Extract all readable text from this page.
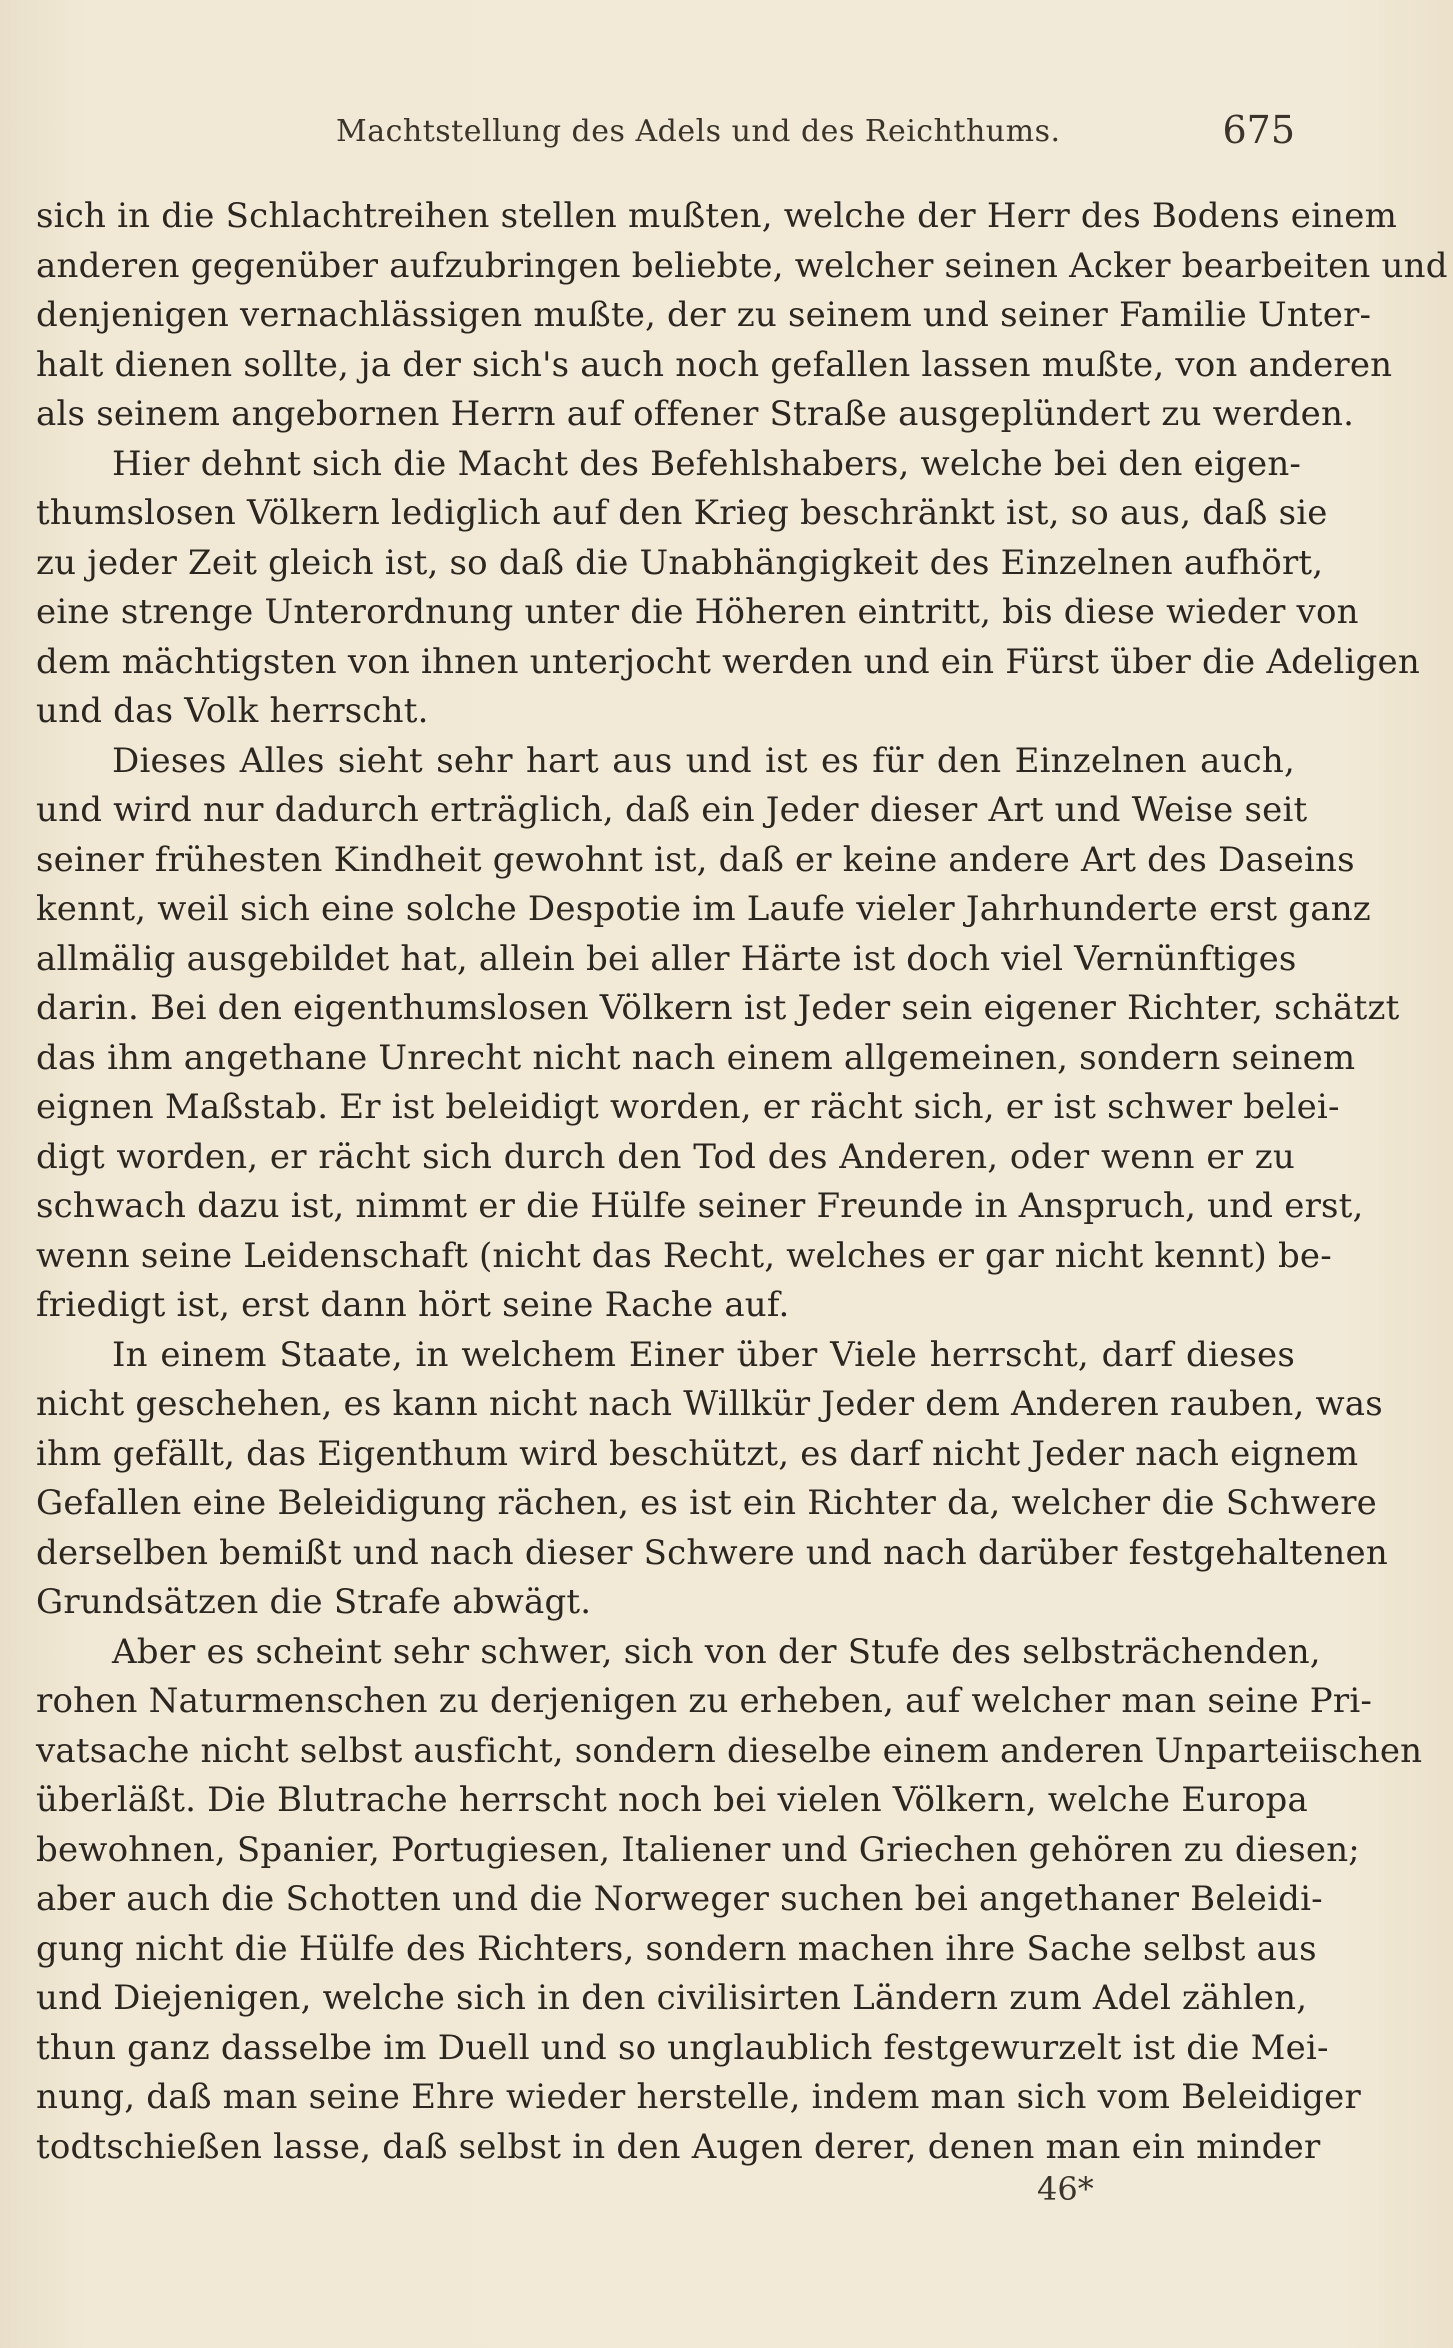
Machtstellung des Adels und des Reichthums.	675
sich in die Schlachtreihen stellen mußten, welche der Herr des Bodens einem
anderen gegenüber aufzubringen beliebte, welcher seinen Acker bearbeiten und
denjenigen vernachlässigen mußte, der zu seinem und seiner Familie Unter-
halt dienen sollte, ja der sich's auch noch gefallen lassen mußte, von anderen
als seinem angebornen Herrn auf offener Straße ausgeplündert zu werden.
Hier dehnt sich die Macht des Befehlshabers, welche bei den eigen-
thumslosen Völkern lediglich auf den Krieg beschränkt ist, so aus, daß sie
zu jeder Zeit gleich ist, so daß die Unabhängigkeit des Einzelnen aufhört,
eine strenge Unterordnung unter die Höheren eintritt, bis diese wieder von
dem mächtigsten von ihnen unterjocht werden und ein Fürst über die Adeligen
und das Volk herrscht.
Dieses Alles sieht sehr hart aus und ist es für den Einzelnen auch,
und wird nur dadurch erträglich, daß ein Jeder dieser Art und Weise seit
seiner frühesten Kindheit gewohnt ist, daß er keine andere Art des Daseins
kennt, weil sich eine solche Despotie im Laufe vieler Jahrhunderte erst ganz
allmälig ausgebildet hat, allein bei aller Härte ist doch viel Vernünftiges
darin. Bei den eigenthumslosen Völkern ist Jeder sein eigener Richter, schätzt
das ihm angethane Unrecht nicht nach einem allgemeinen, sondern seinem
eignen Maßstab. Er ist beleidigt worden, er rächt sich, er ist schwer belei-
digt worden, er rächt sich durch den Tod des Anderen, oder wenn er zu
schwach dazu ist, nimmt er die Hülfe seiner Freunde in Anspruch, und erst,
wenn seine Leidenschaft (nicht das Recht, welches er gar nicht kennt) be-
friedigt ist, erst dann hört seine Rache auf.
In einem Staate, in welchem Einer über Viele herrscht, darf dieses
nicht geschehen, es kann nicht nach Willkür Jeder dem Anderen rauben, was
ihm gefällt, das Eigenthum wird beschützt, es darf nicht Jeder nach eignem
Gefallen eine Beleidigung rächen, es ist ein Richter da, welcher die Schwere
derselben bemißt und nach dieser Schwere und nach darüber festgehaltenen
Grundsätzen die Strafe abwägt.
Aber es scheint sehr schwer, sich von der Stufe des selbsträchenden,
rohen Naturmenschen zu derjenigen zu erheben, auf welcher man seine Pri-
vatsache nicht selbst ausficht, sondern dieselbe einem anderen Unparteiischen
überläßt. Die Blutrache herrscht noch bei vielen Völkern, welche Europa
bewohnen, Spanier, Portugiesen, Italiener und Griechen gehören zu diesen;
aber auch die Schotten und die Norweger suchen bei angethaner Beleidi-
gung nicht die Hülfe des Richters, sondern machen ihre Sache selbst aus
und Diejenigen, welche sich in den civilisirten Ländern zum Adel zählen,
thun ganz dasselbe im Duell und so unglaublich festgewurzelt ist die Mei-
nung, daß man seine Ehre wieder herstelle, indem man sich vom Beleidiger
todtschießen lasse, daß selbst in den Augen derer, denen man ein minder
46*
